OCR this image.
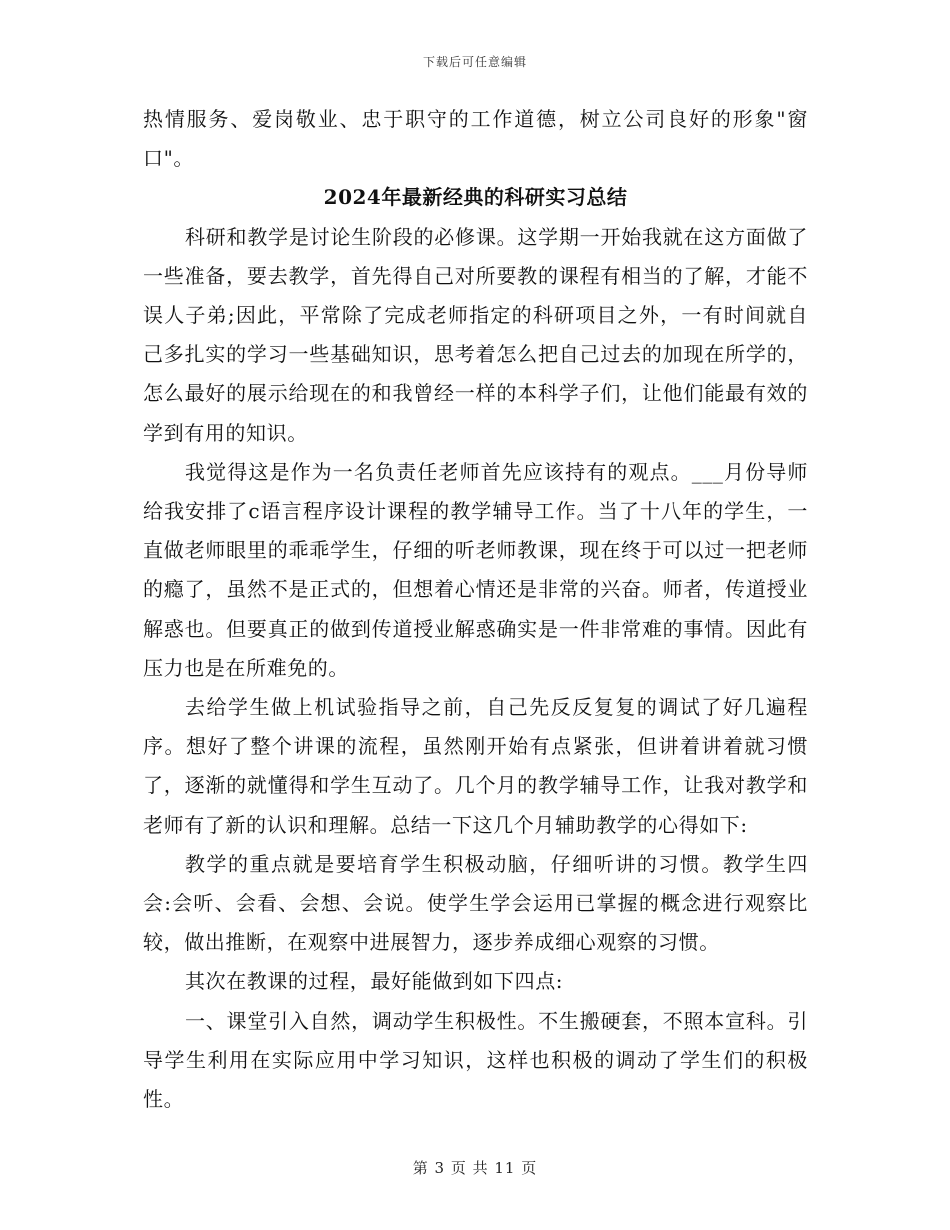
下载后可任意编辑

热情服务、爱岗敬业、忠于职守的工作道德，树立公司良好的形象"窗口"。

2024年最新经典的科研实习总结

科研和教学是讨论生阶段的必修课。这学期一开始我就在这方面做了一些准备，要去教学，首先得自己对所要教的课程有相当的了解，才能不误人子弟;因此，平常除了完成老师指定的科研项目之外，一有时间就自己多扎实的学习一些基础知识，思考着怎么把自己过去的加现在所学的，怎么最好的展示给现在的和我曾经一样的本科学子们，让他们能最有效的学到有用的知识。

我觉得这是作为一名负责任老师首先应该持有的观点。___月份导师给我安排了c语言程序设计课程的教学辅导工作。当了十八年的学生，一直做老师眼里的乖乖学生，仔细的听老师教课，现在终于可以过一把老师的瘾了，虽然不是正式的，但想着心情还是非常的兴奋。师者，传道授业解惑也。但要真正的做到传道授业解惑确实是一件非常难的事情。因此有压力也是在所难免的。

去给学生做上机试验指导之前，自己先反反复复的调试了好几遍程序。想好了整个讲课的流程，虽然刚开始有点紧张，但讲着讲着就习惯了，逐渐的就懂得和学生互动了。几个月的教学辅导工作，让我对教学和老师有了新的认识和理解。总结一下这几个月辅助教学的心得如下:

教学的重点就是要培育学生积极动脑，仔细听讲的习惯。教学生四会:会听、会看、会想、会说。使学生学会运用已掌握的概念进行观察比较，做出推断，在观察中进展智力，逐步养成细心观察的习惯。

其次在教课的过程，最好能做到如下四点:

一、课堂引入自然，调动学生积极性。不生搬硬套，不照本宣科。引导学生利用在实际应用中学习知识，这样也积极的调动了学生们的积极性。

第 3 页 共 11 页
